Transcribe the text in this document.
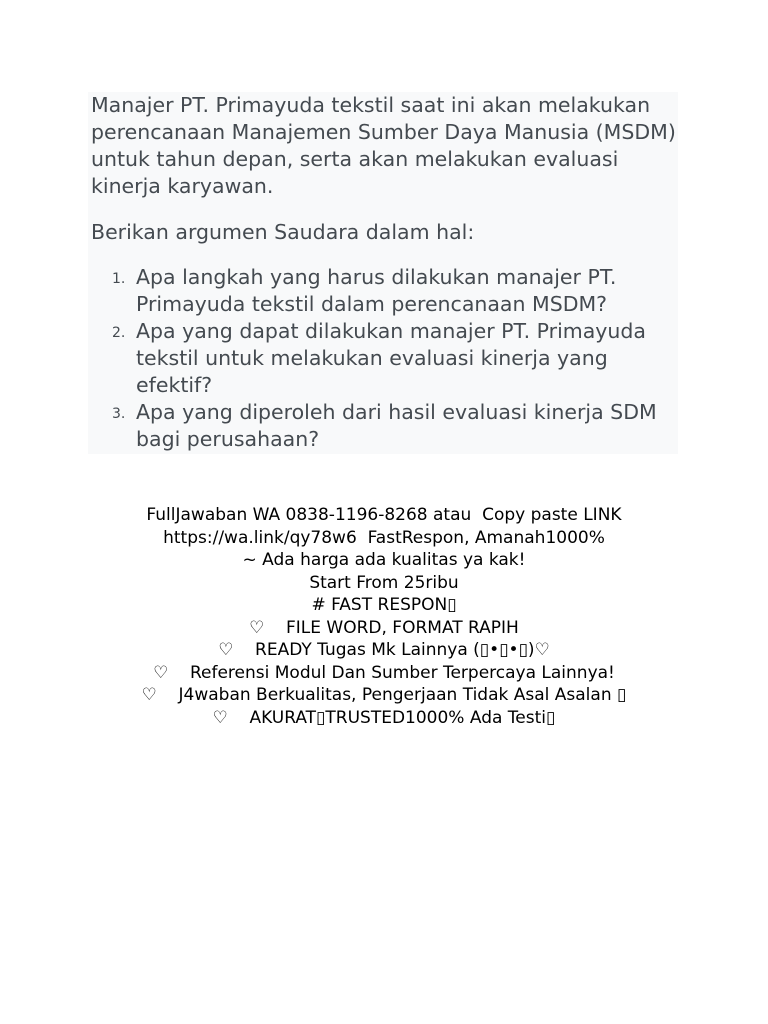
Manajer PT. Primayuda tekstil saat ini akan melakukan perencanaan Manajemen Sumber Daya Manusia (MSDM) untuk tahun depan, serta akan melakukan evaluasi kinerja karyawan.

Berikan argumen Saudara dalam hal:

1. Apa langkah yang harus dilakukan manajer PT. Primayuda tekstil dalam perencanaan MSDM?
2. Apa yang dapat dilakukan manajer PT. Primayuda tekstil untuk melakukan evaluasi kinerja yang efektif?
3. Apa yang diperoleh dari hasil evaluasi kinerja SDM bagi perusahaan?
FullJawaban WA 0838-1196-8268 atau  Copy paste LINK
https://wa.link/qy78w6  FastRespon, Amanah1000%
~ Ada harga ada kualitas ya kak!
Start From 25ribu
# FAST RESPON▯
♡    FILE WORD, FORMAT RAPIH
♡    READY Tugas Mk Lainnya (▯•▯•▯)♡
♡    Referensi Modul Dan Sumber Terpercaya Lainnya!
♡    J4waban Berkualitas, Pengerjaan Tidak Asal Asalan ▯
♡    AKURAT▯TRUSTED1000% Ada Testi▯
